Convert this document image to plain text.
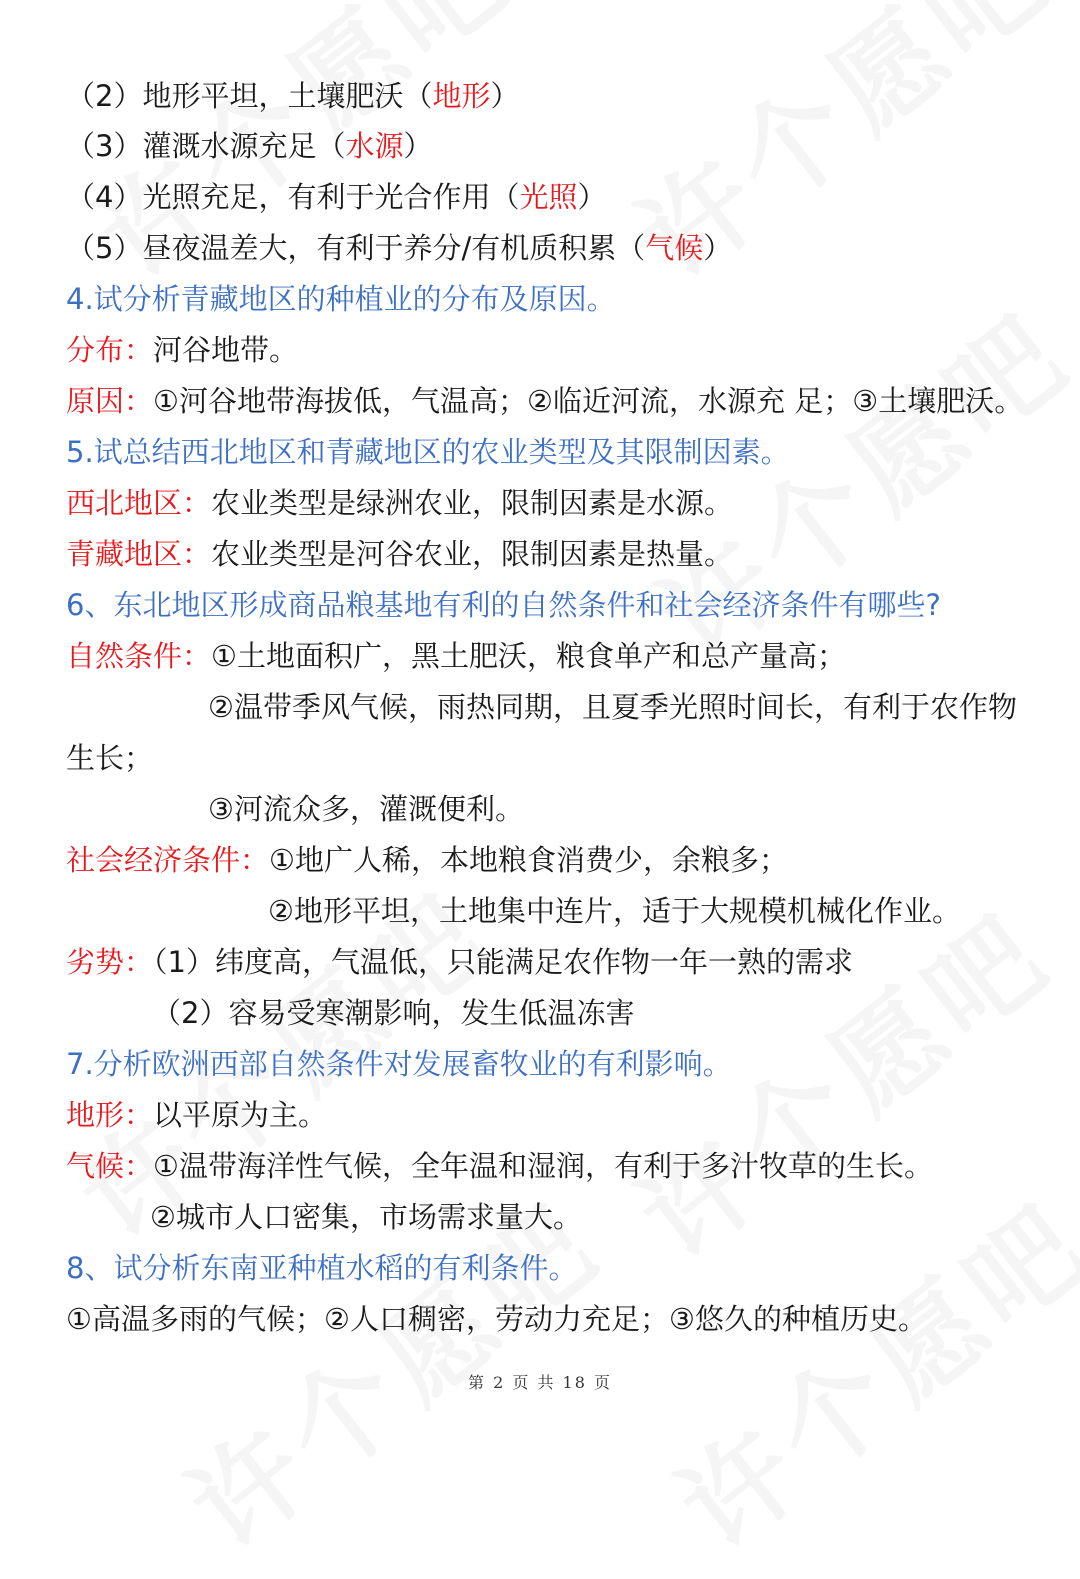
（2）地形平坦，土壤肥沃（地形）
（3）灌溉水源充足（水源）
（4）光照充足，有利于光合作用（光照）
（5）昼夜温差大，有利于养分/有机质积累（气候）
4.试分析青藏地区的种植业的分布及原因。
分布：河谷地带。
原因：①河谷地带海拔低，气温高；②临近河流，水源充 足；③土壤肥沃。
5.试总结西北地区和青藏地区的农业类型及其限制因素。
西北地区：农业类型是绿洲农业，限制因素是水源。
青藏地区：农业类型是河谷农业，限制因素是热量。
6、东北地区形成商品粮基地有利的自然条件和社会经济条件有哪些?
自然条件：①土地面积广，黑土肥沃，粮食单产和总产量高；
②温带季风气候，雨热同期，且夏季光照时间长，有利于农作物
生长；
③河流众多，灌溉便利。
社会经济条件：①地广人稀，本地粮食消费少，余粮多；
②地形平坦，土地集中连片，适于大规模机械化作业。
劣势：（1）纬度高，气温低，只能满足农作物一年一熟的需求
（2）容易受寒潮影响，发生低温冻害
7.分析欧洲西部自然条件对发展畜牧业的有利影响。
地形：以平原为主。
气候：①温带海洋性气候，全年温和湿润，有利于多汁牧草的生长。
②城市人口密集，市场需求量大。
8、试分析东南亚种植水稻的有利条件。
①高温多雨的气候；②人口稠密，劳动力充足；③悠久的种植历史。
第 2 页 共 18 页
